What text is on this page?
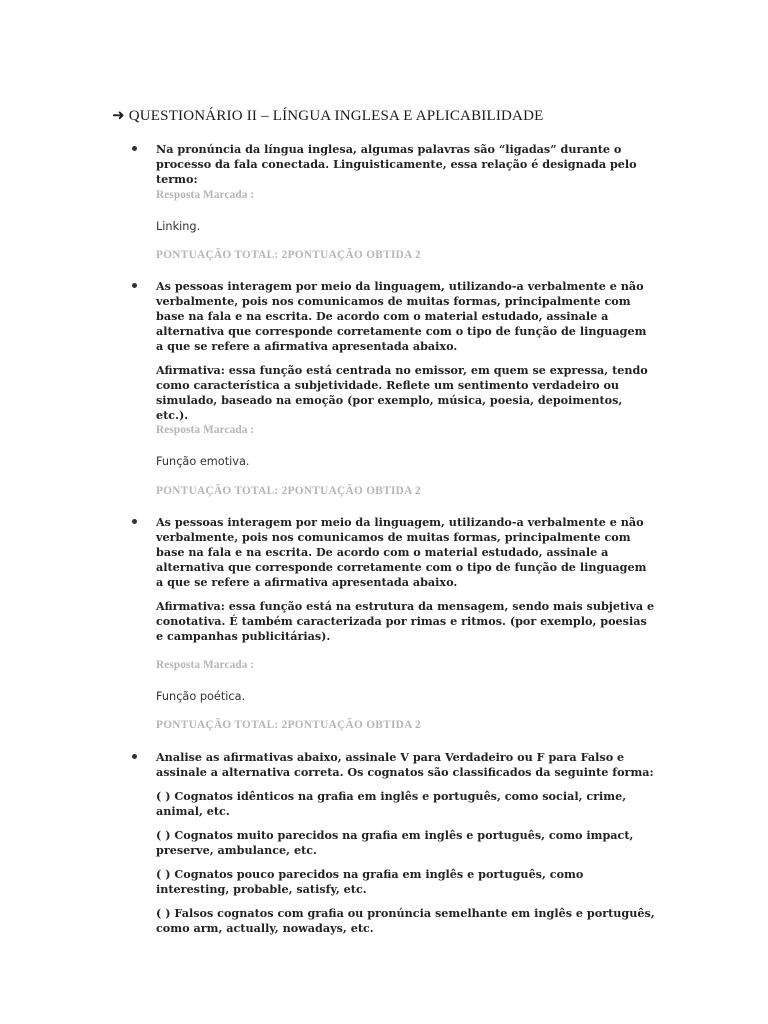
➜ QUESTIONÁRIO II – LÍNGUA INGLESA E APLICABILIDADE

Na pronúncia da língua inglesa, algumas palavras são “ligadas” durante o processo da fala conectada. Linguisticamente, essa relação é designada pelo termo:

Resposta Marcada :

Linking.

PONTUAÇÃO TOTAL: 2PONTUAÇÃO OBTIDA 2

As pessoas interagem por meio da linguagem, utilizando-a verbalmente e não verbalmente, pois nos comunicamos de muitas formas, principalmente com base na fala e na escrita. De acordo com o material estudado, assinale a alternativa que corresponde corretamente com o tipo de função de linguagem a que se refere a afirmativa apresentada abaixo.

Afirmativa: essa função está centrada no emissor, em quem se expressa, tendo como característica a subjetividade. Reflete um sentimento verdadeiro ou simulado, baseado na emoção (por exemplo, música, poesia, depoimentos, etc.).

Resposta Marcada :

Função emotiva.

PONTUAÇÃO TOTAL: 2PONTUAÇÃO OBTIDA 2

As pessoas interagem por meio da linguagem, utilizando-a verbalmente e não verbalmente, pois nos comunicamos de muitas formas, principalmente com base na fala e na escrita. De acordo com o material estudado, assinale a alternativa que corresponde corretamente com o tipo de função de linguagem a que se refere a afirmativa apresentada abaixo.

Afirmativa: essa função está na estrutura da mensagem, sendo mais subjetiva e conotativa. É também caracterizada por rimas e ritmos. (por exemplo, poesias e campanhas publicitárias).

Resposta Marcada :

Função poética.

PONTUAÇÃO TOTAL: 2PONTUAÇÃO OBTIDA 2

Analise as afirmativas abaixo, assinale V para Verdadeiro ou F para Falso e assinale a alternativa correta. Os cognatos são classificados da seguinte forma:

( ) Cognatos idênticos na grafia em inglês e português, como social, crime, animal, etc.

( ) Cognatos muito parecidos na grafia em inglês e português, como impact, preserve, ambulance, etc.

( ) Cognatos pouco parecidos na grafia em inglês e português, como interesting, probable, satisfy, etc.

( ) Falsos cognatos com grafia ou pronúncia semelhante em inglês e português, como arm, actually, nowadays, etc.
